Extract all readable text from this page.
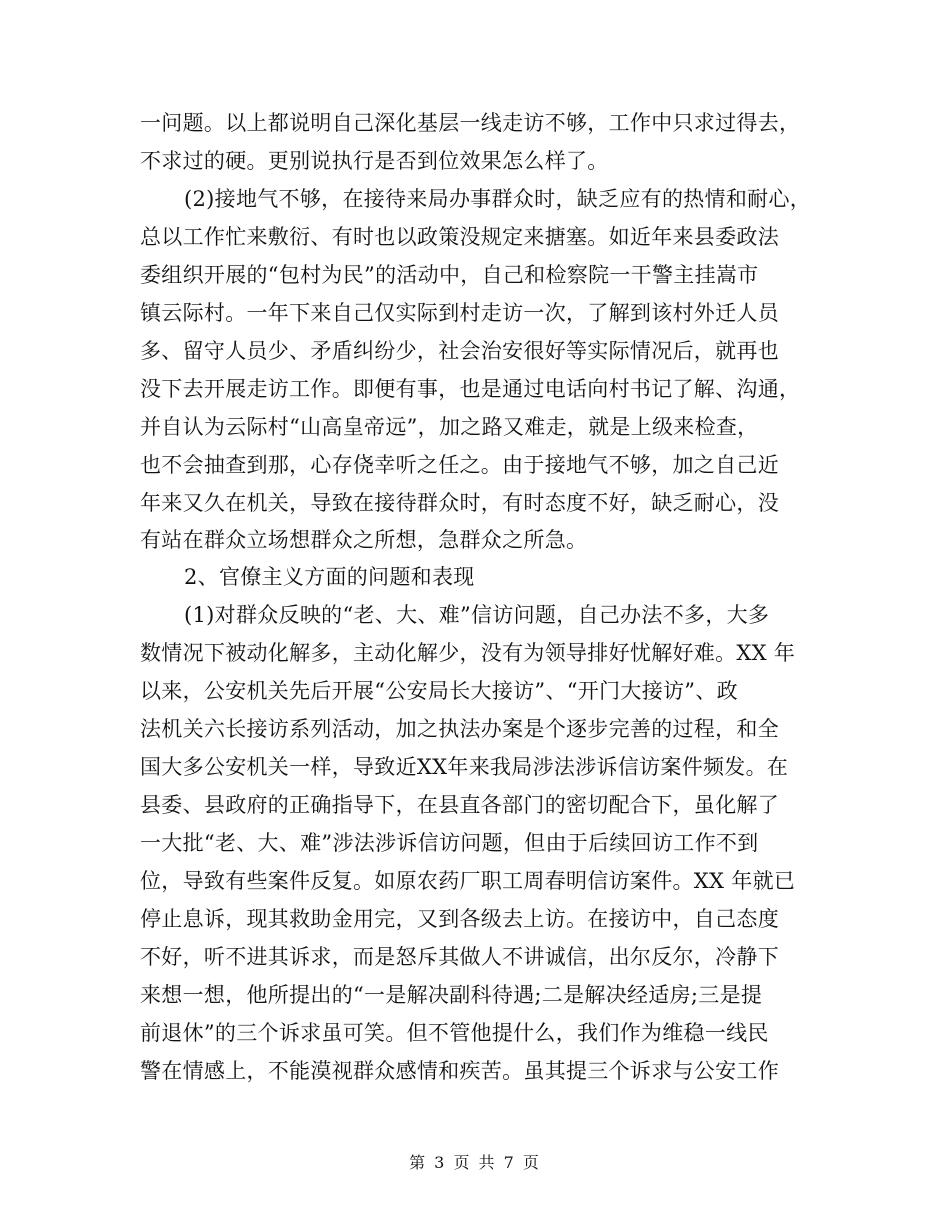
一问题。以上都说明自己深化基层一线走访不够，工作中只求过得去，
不求过的硬。更别说执行是否到位效果怎么样了。
(2)接地气不够，在接待来局办事群众时，缺乏应有的热情和耐心，
总以工作忙来敷衍、有时也以政策没规定来搪塞。如近年来县委政法
委组织开展的“包村为民”的活动中，自己和检察院一干警主挂嵩市
镇云际村。一年下来自己仅实际到村走访一次，了解到该村外迁人员
多、留守人员少、矛盾纠纷少，社会治安很好等实际情况后，就再也
没下去开展走访工作。即便有事，也是通过电话向村书记了解、沟通，
并自认为云际村“山高皇帝远”，加之路又难走，就是上级来检查，
也不会抽查到那，心存侥幸听之任之。由于接地气不够，加之自己近
年来又久在机关，导致在接待群众时，有时态度不好，缺乏耐心，没
有站在群众立场想群众之所想，急群众之所急。
2、官僚主义方面的问题和表现
(1)对群众反映的“老、大、难”信访问题，自己办法不多，大多
数情况下被动化解多，主动化解少，没有为领导排好忧解好难。XX 年
以来，公安机关先后开展“公安局长大接访”、“开门大接访”、政
法机关六长接访系列活动，加之执法办案是个逐步完善的过程，和全
国大多公安机关一样，导致近XX年来我局涉法涉诉信访案件频发。在
县委、县政府的正确指导下，在县直各部门的密切配合下，虽化解了
一大批“老、大、难”涉法涉诉信访问题，但由于后续回访工作不到
位，导致有些案件反复。如原农药厂职工周春明信访案件。XX 年就已
停止息诉，现其救助金用完，又到各级去上访。在接访中，自己态度
不好，听不进其诉求，而是怒斥其做人不讲诚信，出尔反尔，冷静下
来想一想，他所提出的“一是解决副科待遇;二是解决经适房;三是提
前退休”的三个诉求虽可笑。但不管他提什么，我们作为维稳一线民
警在情感上，不能漠视群众感情和疾苦。虽其提三个诉求与公安工作
第 3 页 共 7 页
